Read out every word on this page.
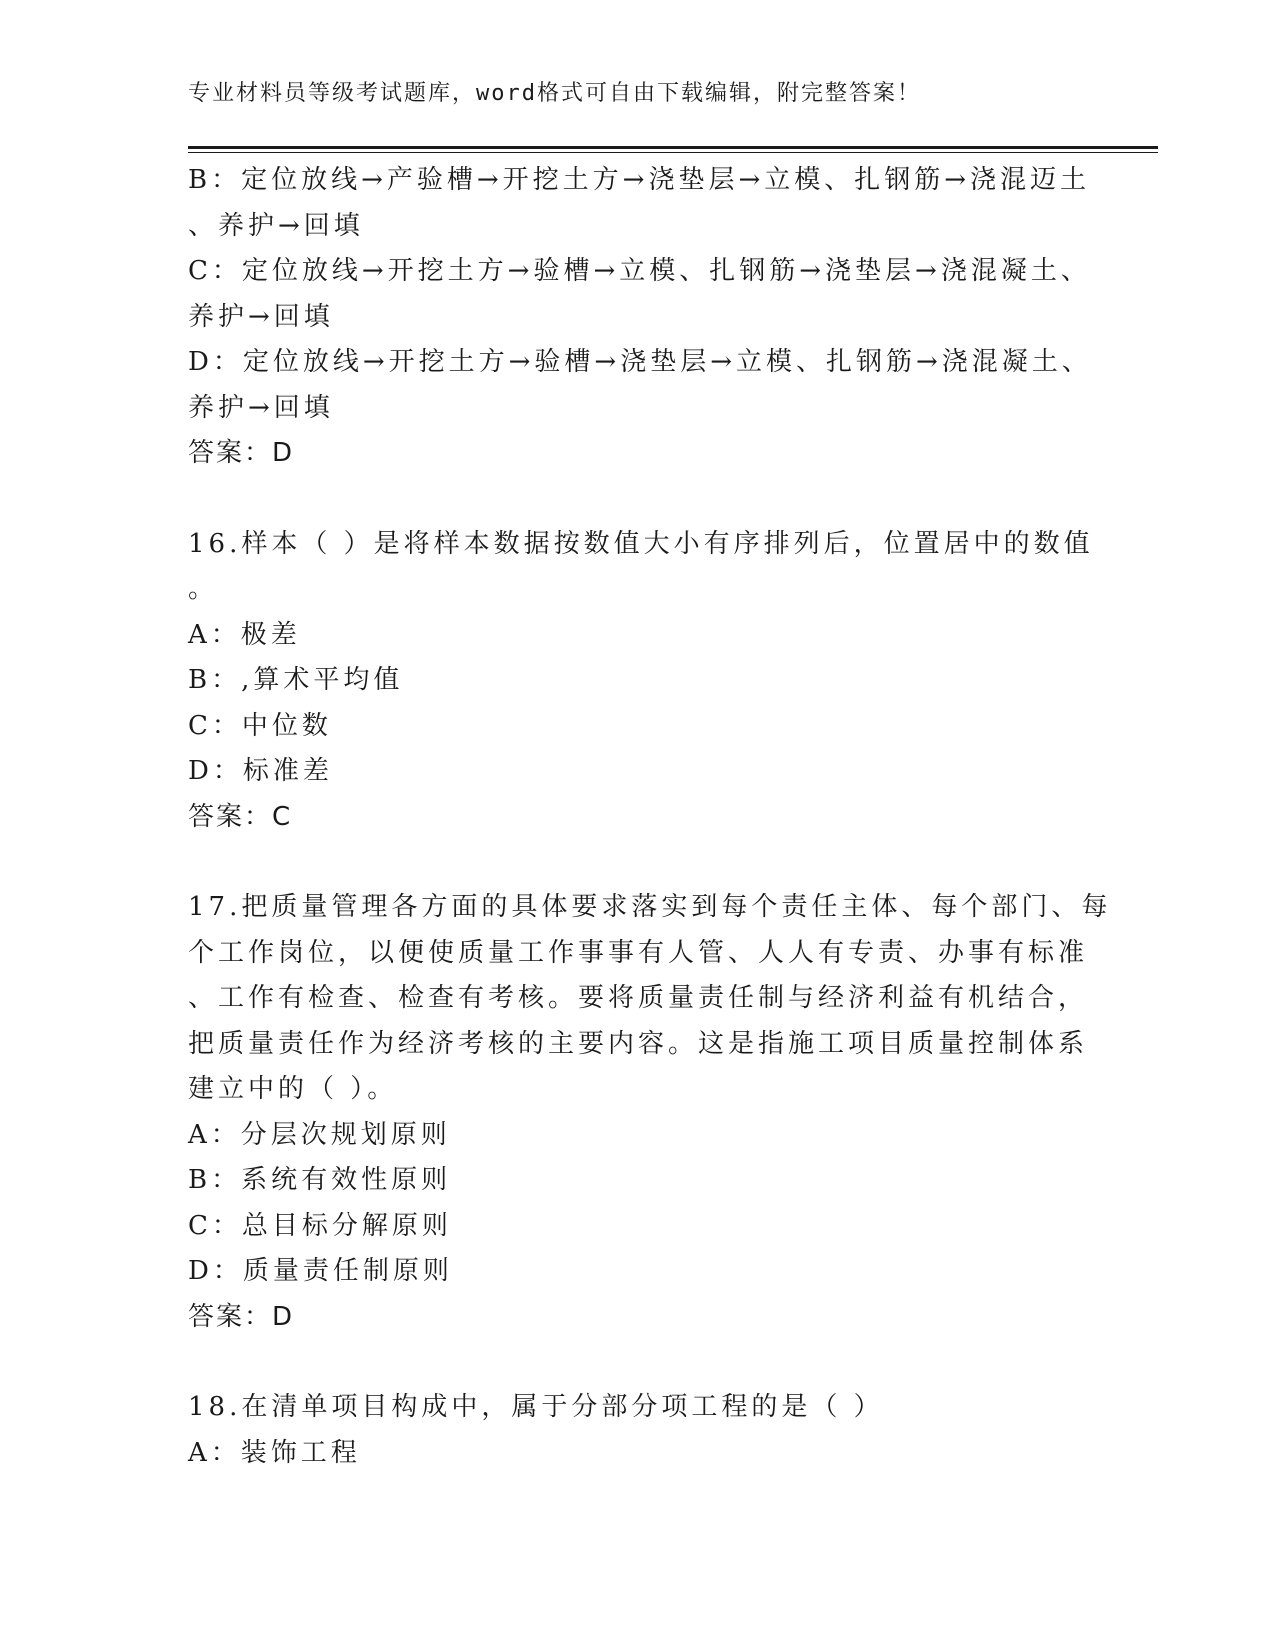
专业材料员等级考试题库，word格式可自由下载编辑，附完整答案！
B：定位放线→产验槽→开挖土方→浇垫层→立模、扎钢筋→浇混迈土
、养护→回填
C：定位放线→开挖土方→验槽→立模、扎钢筋→浇垫层→浇混凝土、
养护→回填
D：定位放线→开挖土方→验槽→浇垫层→立模、扎钢筋→浇混凝土、
养护→回填
答案：D
16.样本（ ）是将样本数据按数值大小有序排列后，位置居中的数值
。
A：极差
B：,算术平均值
C：中位数
D：标准差
答案：C
17.把质量管理各方面的具体要求落实到每个责任主体、每个部门、每
个工作岗位，以便使质量工作事事有人管、人人有专责、办事有标准
、工作有检查、检查有考核。要将质量责任制与经济利益有机结合，
把质量责任作为经济考核的主要内容。这是指施工项目质量控制体系
建立中的（ ）。
A：分层次规划原则
B：系统有效性原则
C：总目标分解原则
D：质量责任制原则
答案：D
18.在清单项目构成中，属于分部分项工程的是（ ）
A：装饰工程
